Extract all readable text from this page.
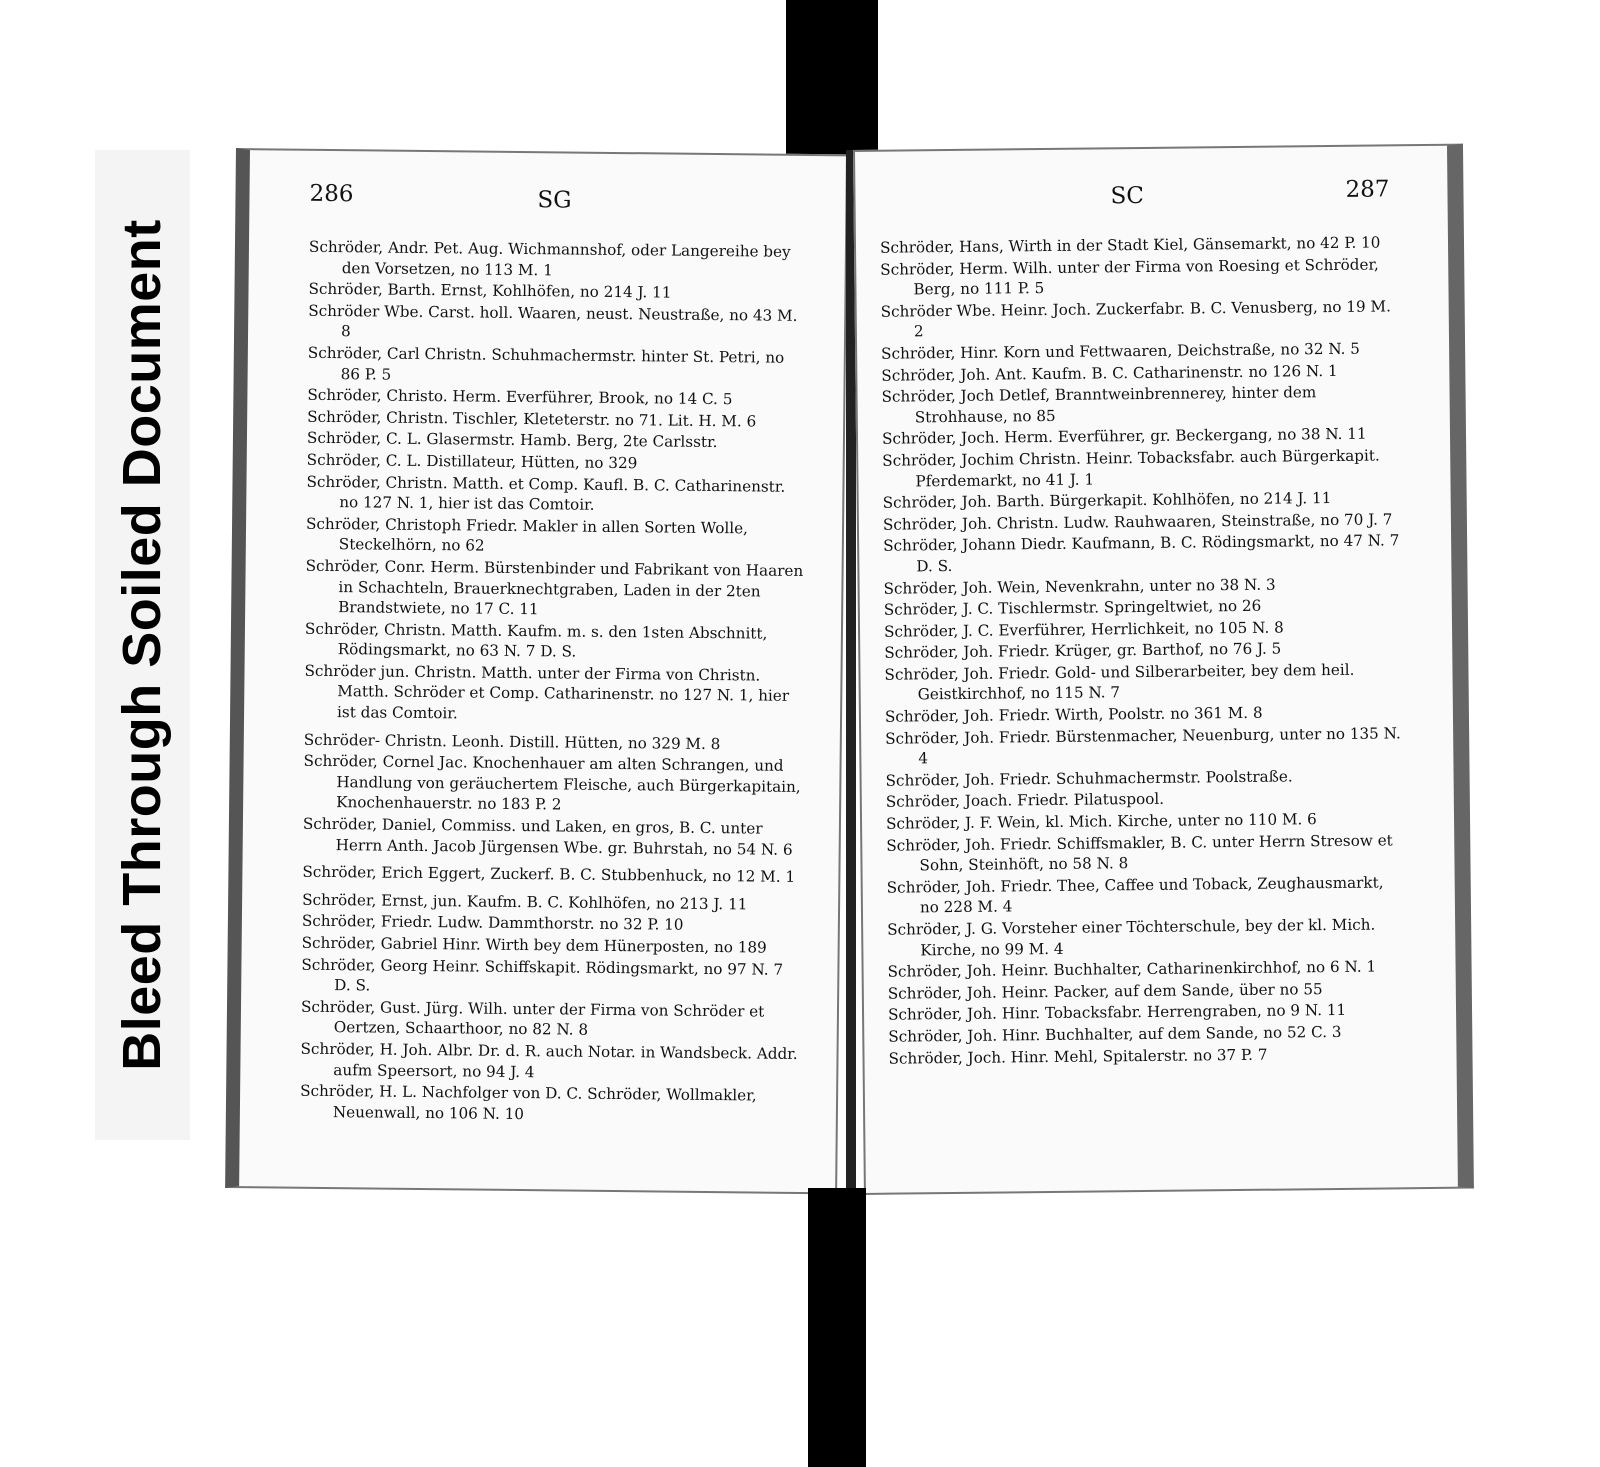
Bleed Through Soiled Document
286	SG
Schröder, Andr. Pet. Aug. Wichmannshof, oder Langereihe bey den Vorsetzen, no 113 M. 1
Schröder, Barth. Ernst, Kohlhöfen, no 214 J. 11
Schröder Wbe. Carst. holl. Waaren, neust. Neustraße, no 43 M. 8
Schröder, Carl Christn. Schuhmachermstr. hinter St. Petri, no 86 P. 5
Schröder, Christo. Herm. Everführer, Brook, no 14 C. 5
Schröder, Christn. Tischler, Kleteterstr. no 71. Lit. H. M. 6
Schröder, C. L. Glasermstr. Hamb. Berg, 2te Carlsstr.
Schröder, C. L. Distillateur, Hütten, no 329
Schröder, Christn. Matth. et Comp. Kaufl. B. C. Catharinenstr. no 127 N. 1, hier ist das Comtoir.
Schröder, Christoph Friedr. Makler in allen Sorten Wolle, Steckelhörn, no 62
Schröder, Conr. Herm. Bürstenbinder und Fabrikant von Haaren in Schachteln, Brauerknechtgraben, Laden in der 2ten Brandstwiete, no 17 C. 11
Schröder, Christn. Matth. Kaufm. m. s. den 1sten Abschnitt, Rödingsmarkt, no 63 N. 7 D. S.
Schröder jun. Christn. Matth. unter der Firma von Christn. Matth. Schröder et Comp. Catharinenstr. no 127 N. 1, hier ist das Comtoir.
Schröder- Christn. Leonh. Distill. Hütten, no 329 M. 8
Schröder, Cornel Jac. Knochenhauer am alten Schrangen, und Handlung von geräuchertem Fleische, auch Bürgerkapitain, Knochenhauerstr. no 183 P. 2
Schröder, Daniel, Commiss. und Laken, en gros, B. C. unter Herrn Anth. Jacob Jürgensen Wbe. gr. Buhrstah, no 54 N. 6
Schröder, Erich Eggert, Zuckerf. B. C. Stubbenhuck, no 12 M. 1
Schröder, Ernst, jun. Kaufm. B. C. Kohlhöfen, no 213 J. 11
Schröder, Friedr. Ludw. Dammthorstr. no 32 P. 10
Schröder, Gabriel Hinr. Wirth bey dem Hünerposten, no 189
Schröder, Georg Heinr. Schiffskapit. Rödingsmarkt, no 97 N. 7 D. S.
Schröder, Gust. Jürg. Wilh. unter der Firma von Schröder et Oertzen, Schaarthoor, no 82 N. 8
Schröder, H. Joh. Albr. Dr. d. R. auch Notar. in Wandsbeck. Addr. aufm Speersort, no 94 J. 4
Schröder, H. L. Nachfolger von D. C. Schröder, Wollmakler, Neuenwall, no 106 N. 10
SC	287
Schröder, Hans, Wirth in der Stadt Kiel, Gänsemarkt, no 42 P. 10
Schröder, Herm. Wilh. unter der Firma von Roesing et Schröder, Berg, no 111 P. 5
Schröder Wbe. Heinr. Joch. Zuckerfabr. B. C. Venusberg, no 19 M. 2
Schröder, Hinr. Korn und Fettwaaren, Deichstraße, no 32 N. 5
Schröder, Joh. Ant. Kaufm. B. C. Catharinenstr. no 126 N. 1
Schröder, Joch Detlef, Branntweinbrennerey, hinter dem Strohhause, no 85
Schröder, Joch. Herm. Everführer, gr. Beckergang, no 38 N. 11
Schröder, Jochim Christn. Heinr. Tobacksfabr. auch Bürgerkapit. Pferdemarkt, no 41 J. 1
Schröder, Joh. Barth. Bürgerkapit. Kohlhöfen, no 214 J. 11
Schröder, Joh. Christn. Ludw. Rauhwaaren, Steinstraße, no 70 J. 7
Schröder, Johann Diedr. Kaufmann, B. C. Rödingsmarkt, no 47 N. 7 D. S.
Schröder, Joh. Wein, Nevenkrahn, unter no 38 N. 3
Schröder, J. C. Tischlermstr. Springeltwiet, no 26
Schröder, J. C. Everführer, Herrlichkeit, no 105 N. 8
Schröder, Joh. Friedr. Krüger, gr. Barthof, no 76 J. 5
Schröder, Joh. Friedr. Gold- und Silberarbeiter, bey dem heil. Geistkirchhof, no 115 N. 7
Schröder, Joh. Friedr. Wirth, Poolstr. no 361 M. 8
Schröder, Joh. Friedr. Bürstenmacher, Neuenburg, unter no 135 N. 4
Schröder, Joh. Friedr. Schuhmachermstr. Poolstraße.
Schröder, Joach. Friedr. Pilatuspool.
Schröder, J. F. Wein, kl. Mich. Kirche, unter no 110 M. 6
Schröder, Joh. Friedr. Schiffsmakler, B. C. unter Herrn Stresow et Sohn, Steinhöft, no 58 N. 8
Schröder, Joh. Friedr. Thee, Caffee und Toback, Zeughausmarkt, no 228 M. 4
Schröder, J. G. Vorsteher einer Töchterschule, bey der kl. Mich. Kirche, no 99 M. 4
Schröder, Joh. Heinr. Buchhalter, Catharinenkirchhof, no 6 N. 1
Schröder, Joh. Heinr. Packer, auf dem Sande, über no 55
Schröder, Joh. Hinr. Tobacksfabr. Herrengraben, no 9 N. 11
Schröder, Joh. Hinr. Buchhalter, auf dem Sande, no 52 C. 3
Schröder, Joch. Hinr. Mehl, Spitalerstr. no 37 P. 7
